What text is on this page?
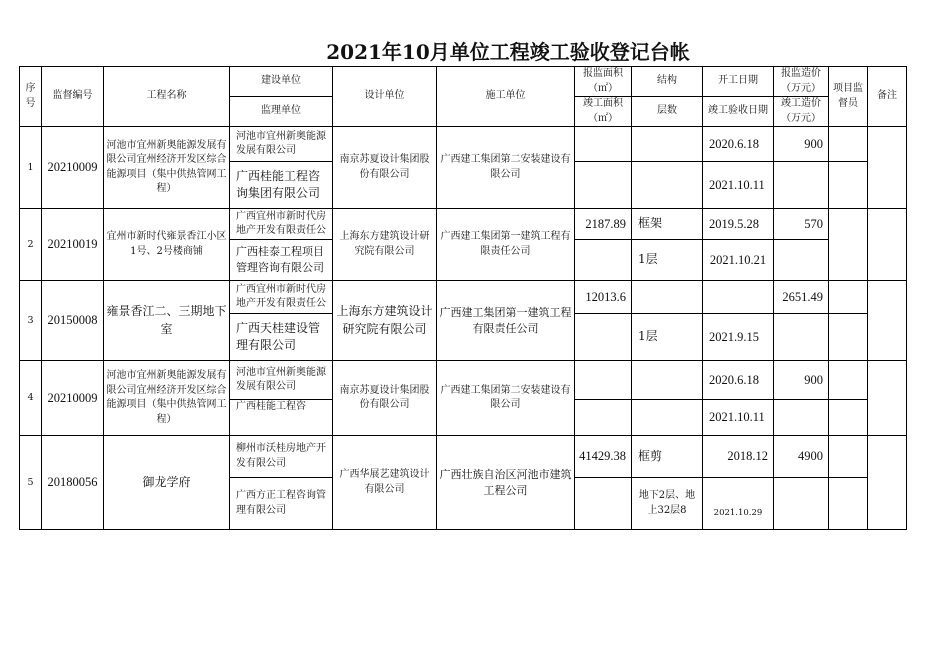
2021年10月单位工程竣工验收登记台帐
序号	监督编号	工程名称	建设单位	设计单位	施工单位	报监面积（㎡）	结构	开工日期	报监造价（万元）	项目监督员	备注
			监理单位			竣工面积（㎡）	层数	竣工验收日期	竣工造价（万元）		
1	20210009	河池市宜州新奥能源发展有限公司宜州经济开发区综合能源项目（集中供热管网工程）	河池市宜州新奥能源发展有限公司	南京苏夏设计集团股份有限公司	广西建工集团第二安装建设有限公司			2020.6.18	900		
			广西桂能工程咨询集团有限公司					2021.10.11			
2	20210019	宜州市新时代雍景香江小区1号、2号楼商铺	广西宜州市新时代房地产开发有限责任公	上海东方建筑设计研究院有限公司	广西建工集团第一建筑工程有限责任公司	2187.89	框架	2019.5.28	570		
			广西桂泰工程项目管理咨询有限公司				1层	2021.10.21			
3	20150008	雍景香江二、三期地下室	广西宜州市新时代房地产开发有限责任公	上海东方建筑设计研究院有限公司	广西建工集团第一建筑工程有限责任公司	12013.6			2651.49		
			广西天桂建设管理有限公司				1层	2021.9.15			
4	20210009	河池市宜州新奥能源发展有限公司宜州经济开发区综合能源项目（集中供热管网工程）	河池市宜州新奥能源发展有限公司	南京苏夏设计集团股份有限公司	广西建工集团第二安装建设有限公司			2020.6.18	900		
			广西桂能工程咨					2021.10.11			
5	20180056	御龙学府	柳州市沃桂房地产开发有限公司	广西华展艺建筑设计有限公司	广西壮族自治区河池市建筑工程公司	41429.38	框剪	2018.12	4900		
			广西方正工程咨询管理有限公司				地下2层、地上32层8	2021.10.29			
